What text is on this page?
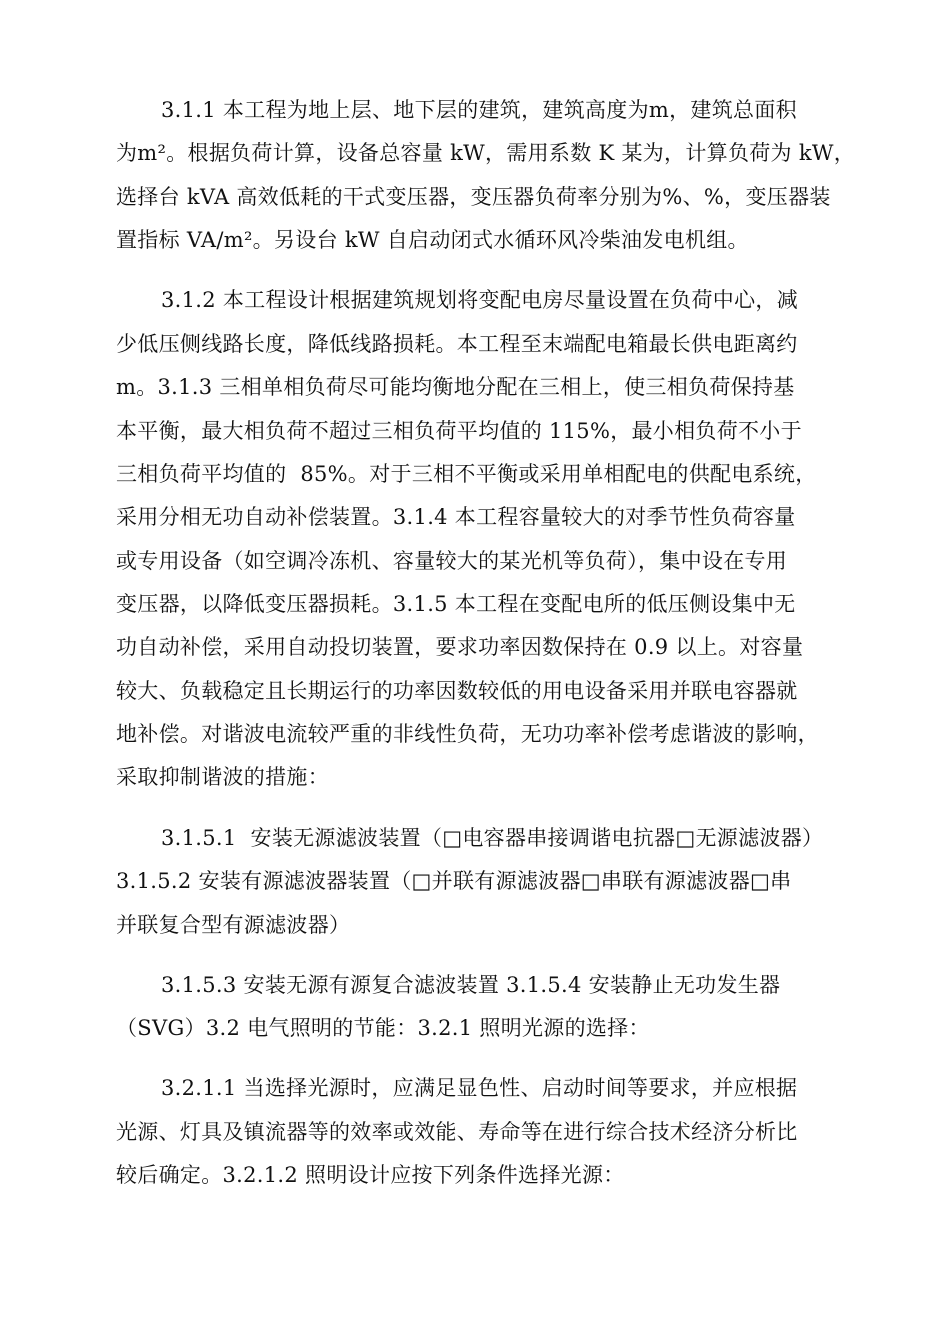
3.1.1 本工程为地上层、地下层的建筑，建筑高度为m，建筑总面积
为m²。根据负荷计算，设备总容量 kW，需用系数 K 某为，计算负荷为 kW，
选择台 kVA 高效低耗的干式变压器，变压器负荷率分别为%、%，变压器装
置指标 VA/m²。另设台 kW 自启动闭式水循环风冷柴油发电机组。
3.1.2 本工程设计根据建筑规划将变配电房尽量设置在负荷中心，减
少低压侧线路长度，降低线路损耗。本工程至末端配电箱最长供电距离约
m。3.1.3 三相单相负荷尽可能均衡地分配在三相上，使三相负荷保持基
本平衡，最大相负荷不超过三相负荷平均值的 115%，最小相负荷不小于
三相负荷平均值的  85%。对于三相不平衡或采用单相配电的供配电系统，
采用分相无功自动补偿装置。3.1.4 本工程容量较大的对季节性负荷容量
或专用设备（如空调冷冻机、容量较大的某光机等负荷），集中设在专用
变压器，以降低变压器损耗。3.1.5 本工程在变配电所的低压侧设集中无
功自动补偿，采用自动投切装置，要求功率因数保持在 0.9 以上。对容量
较大、负载稳定且长期运行的功率因数较低的用电设备采用并联电容器就
地补偿。对谐波电流较严重的非线性负荷，无功功率补偿考虑谐波的影响，
采取抑制谐波的措施：
3.1.5.1  安装无源滤波装置（□电容器串接调谐电抗器□无源滤波器）
3.1.5.2 安装有源滤波器装置（□并联有源滤波器□串联有源滤波器□串
并联复合型有源滤波器）
3.1.5.3 安装无源有源复合滤波装置 3.1.5.4 安装静止无功发生器
（SVG）3.2 电气照明的节能：3.2.1 照明光源的选择：
3.2.1.1 当选择光源时，应满足显色性、启动时间等要求，并应根据
光源、灯具及镇流器等的效率或效能、寿命等在进行综合技术经济分析比
较后确定。3.2.1.2 照明设计应按下列条件选择光源：
